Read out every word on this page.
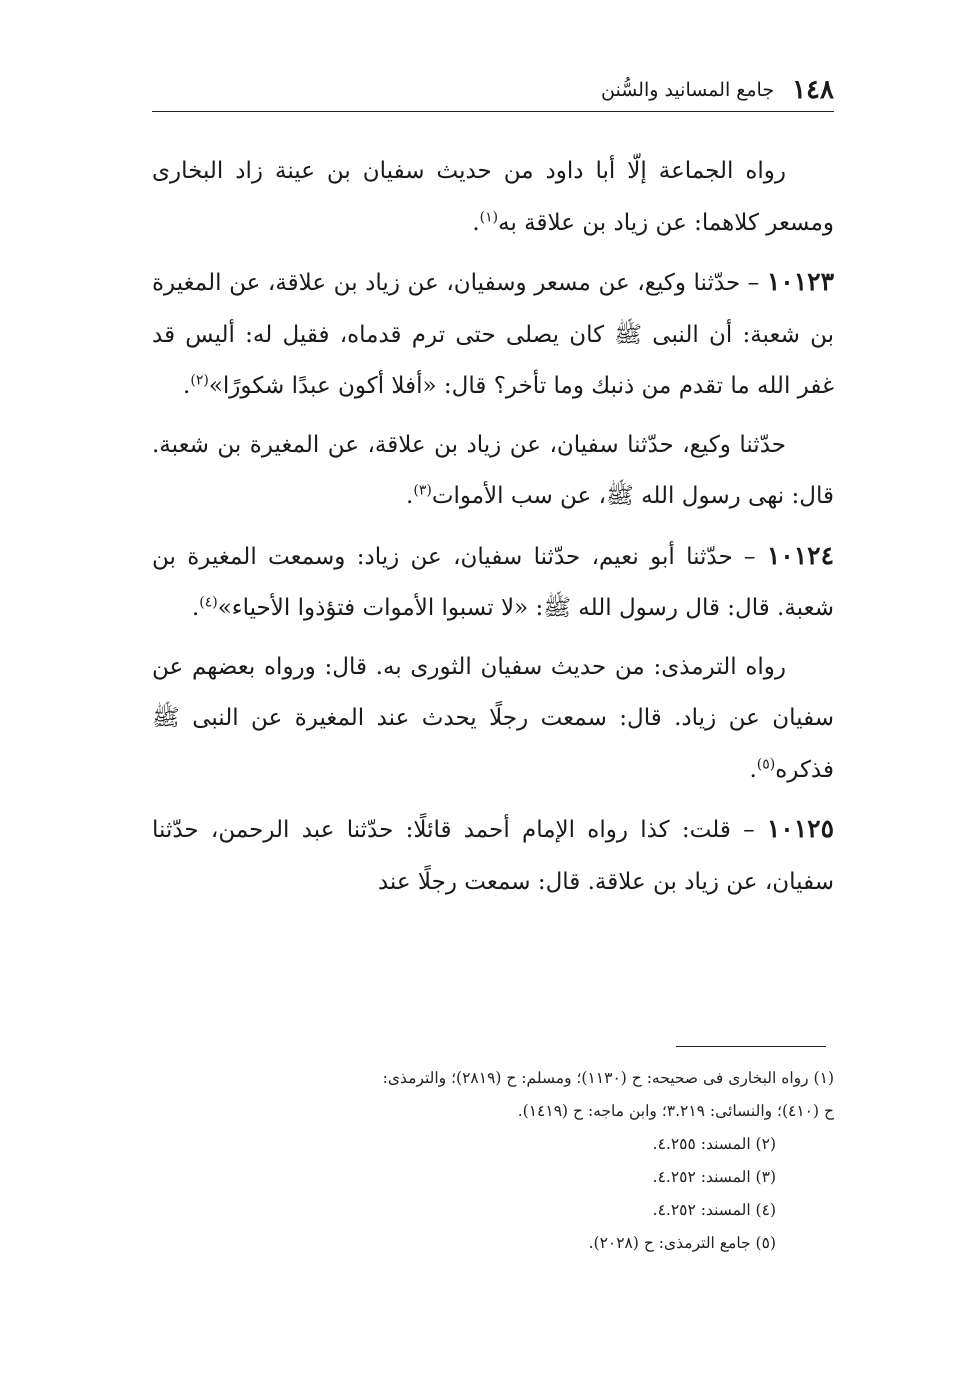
١٤٨
جامع المسانيد والسُّنن

رواه الجماعة إلّا أبا داود من حديث سفيان بن عينة زاد البخارى ومسعر كلاهما: عن زياد بن علاقة به$^{(١)}$.

١٠١٢٣ – حدّثنا وكيع، عن مسعر وسفيان، عن زياد بن علاقة، عن المغيرة بن شعبة: أن النبى ﷺ كان يصلى حتى ترم قدماه، فقيل له: أليس قد غفر الله ما تقدم من ذنبك وما تأخر؟ قال: «أفلا أكون عبدًا شكورًا»$^{(٢)}$.

حدّثنا وكيع، حدّثنا سفيان، عن زياد بن علاقة، عن المغيرة بن شعبة. قال: نهى رسول الله ﷺ، عن سب الأموات$^{(٣)}$.

١٠١٢٤ – حدّثنا أبو نعيم، حدّثنا سفيان، عن زياد: وسمعت المغيرة بن شعبة. قال: قال رسول الله ﷺ: «لا تسبوا الأموات فتؤذوا الأحياء»$^{(٤)}$.

رواه الترمذى: من حديث سفيان الثورى به. قال: ورواه بعضهم عن سفيان عن زياد. قال: سمعت رجلًا يحدث عند المغيرة عن النبى ﷺ فذكره$^{(٥)}$.

١٠١٢٥ – قلت: كذا رواه الإمام أحمد قائلًا: حدّثنا عبد الرحمن، حدّثنا سفيان، عن زياد بن علاقة. قال: سمعت رجلًا عند

(١) رواه البخارى فى صحيحه: ح (١١٣٠)؛ ومسلم: ح (٢٨١٩)؛ والترمذى:

ح (٤١٠)؛ والنسائى: ٣.٢١٩؛ وابن ماجه: ح (١٤١٩).

(٢) المسند: ٤.٢٥٥.

(٣) المسند: ٤.٢٥٢.

(٤) المسند: ٤.٢٥٢.

(٥) جامع الترمذى: ح (٢٠٢٨).
